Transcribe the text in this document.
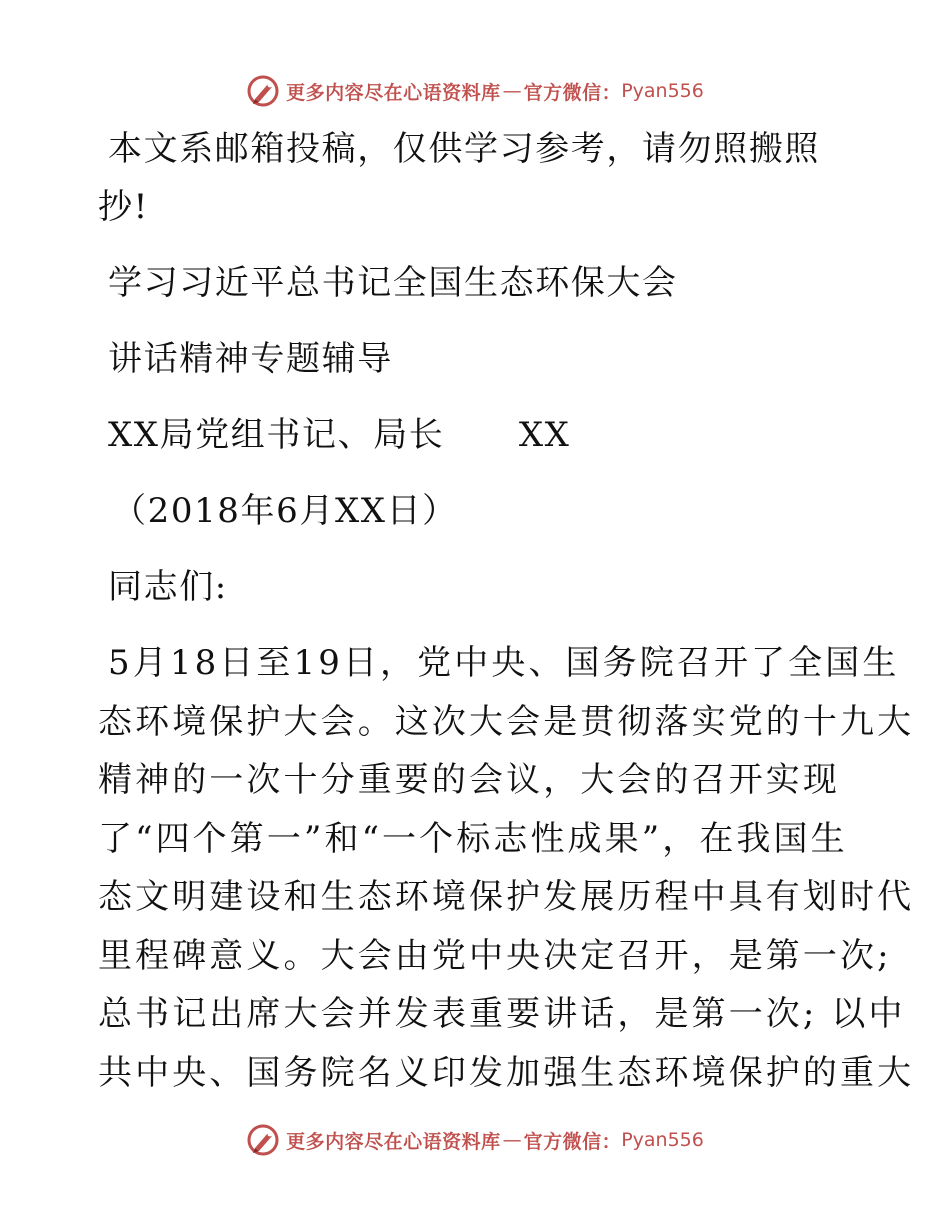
更多内容尽在心语资料库 — 官方微信： Pyan556
本文系邮箱投稿，仅供学习参考，请勿照搬照
抄!
学习习近平总书记全国生态环保大会
讲话精神专题辅导
XX局党组书记、局长      XX
（2018年6月XX日）
同志们:
5月18日至19日，党中央、国务院召开了全国生
态环境保护大会。这次大会是贯彻落实党的十九大
精神的一次十分重要的会议，大会的召开实现
了“四个第一”和“一个标志性成果”，在我国生
态文明建设和生态环境保护发展历程中具有划时代
里程碑意义。大会由党中央决定召开，是第一次;
总书记出席大会并发表重要讲话，是第一次; 以中
共中央、国务院名义印发加强生态环境保护的重大
更多内容尽在心语资料库 — 官方微信： Pyan556
